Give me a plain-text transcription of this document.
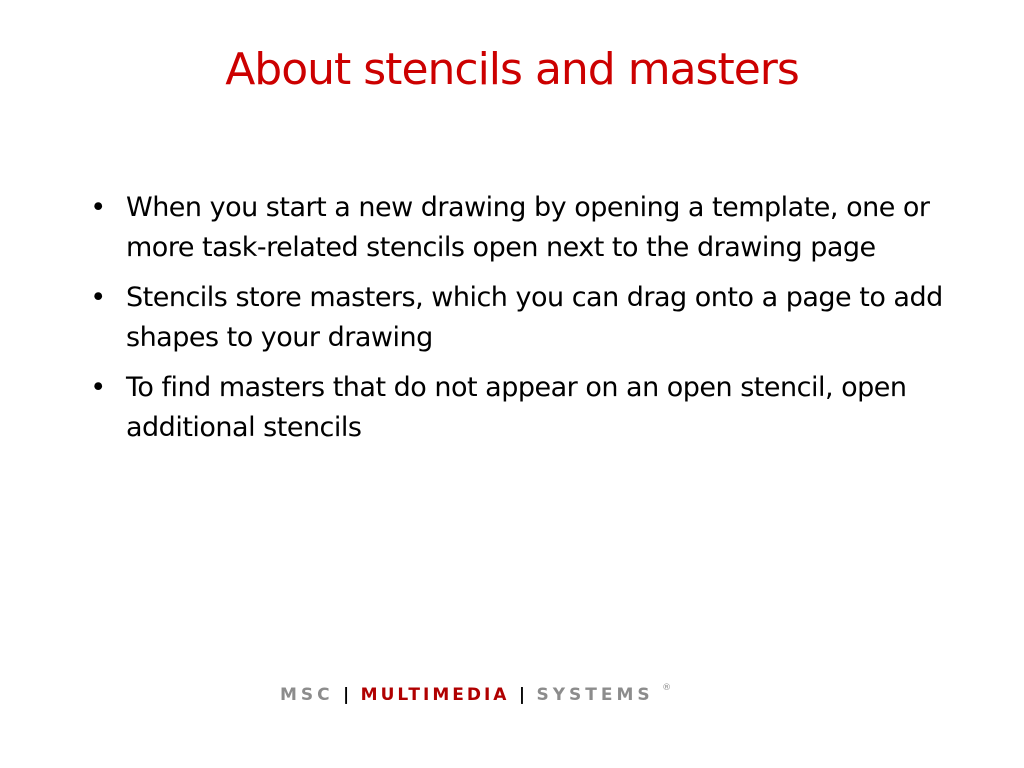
About stencils and masters
• When you start a new drawing by opening a template, one or more task-related stencils open next to the drawing page
• Stencils store masters, which you can drag onto a page to add shapes to your drawing
• To find masters that do not appear on an open stencil, open additional stencils
MSC | MULTIMEDIA | SYSTEMS ®
